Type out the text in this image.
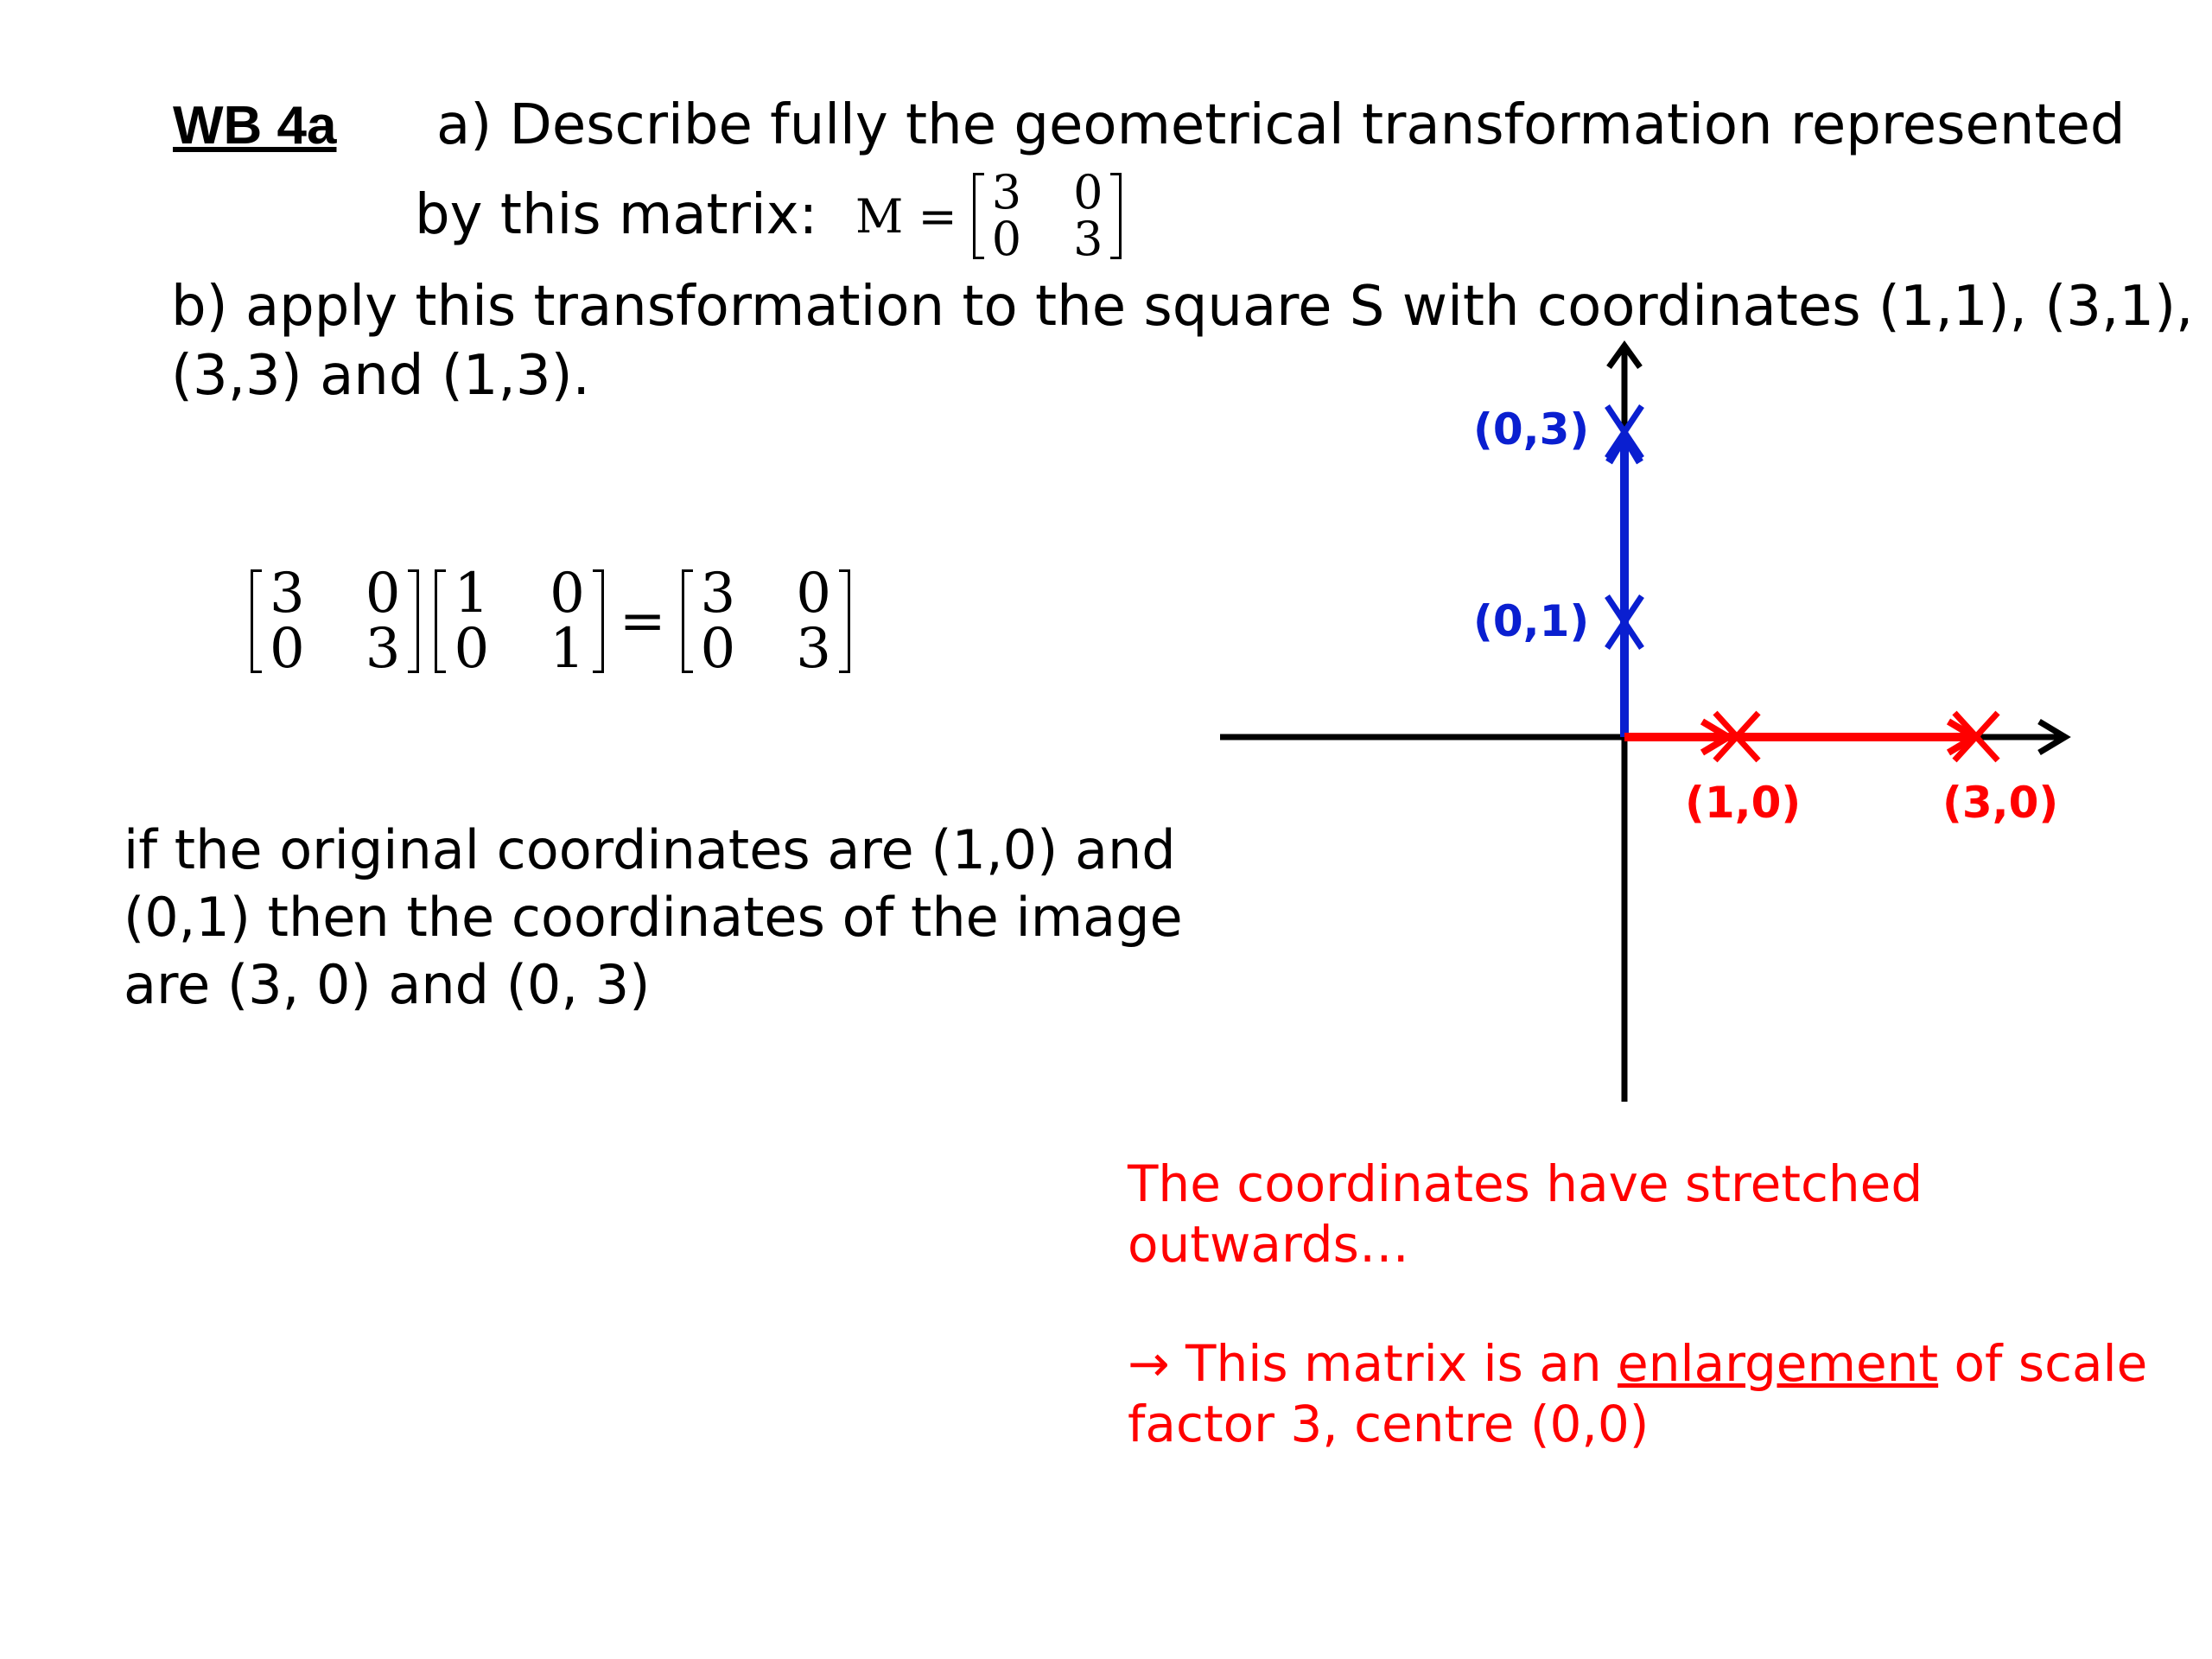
WB 4a a) Describe fully the geometrical transformation represented
by this matrix: M = 3 0
0 3
b) apply this transformation to the square S with coordinates (1,1), (3,1),
(3,3) and (1,3).
3 0
0 3
1 0
0 1 = 3 0
0 3
if the original coordinates are (1,0) and
(0,1) then the coordinates of the image
are (3, 0) and (0, 3)
(0,3)
(0,1)
(1,0)	(3,0)
The coordinates have stretched
outwards…
→ This matrix is an enlargement of scale
factor 3, centre (0,0)
